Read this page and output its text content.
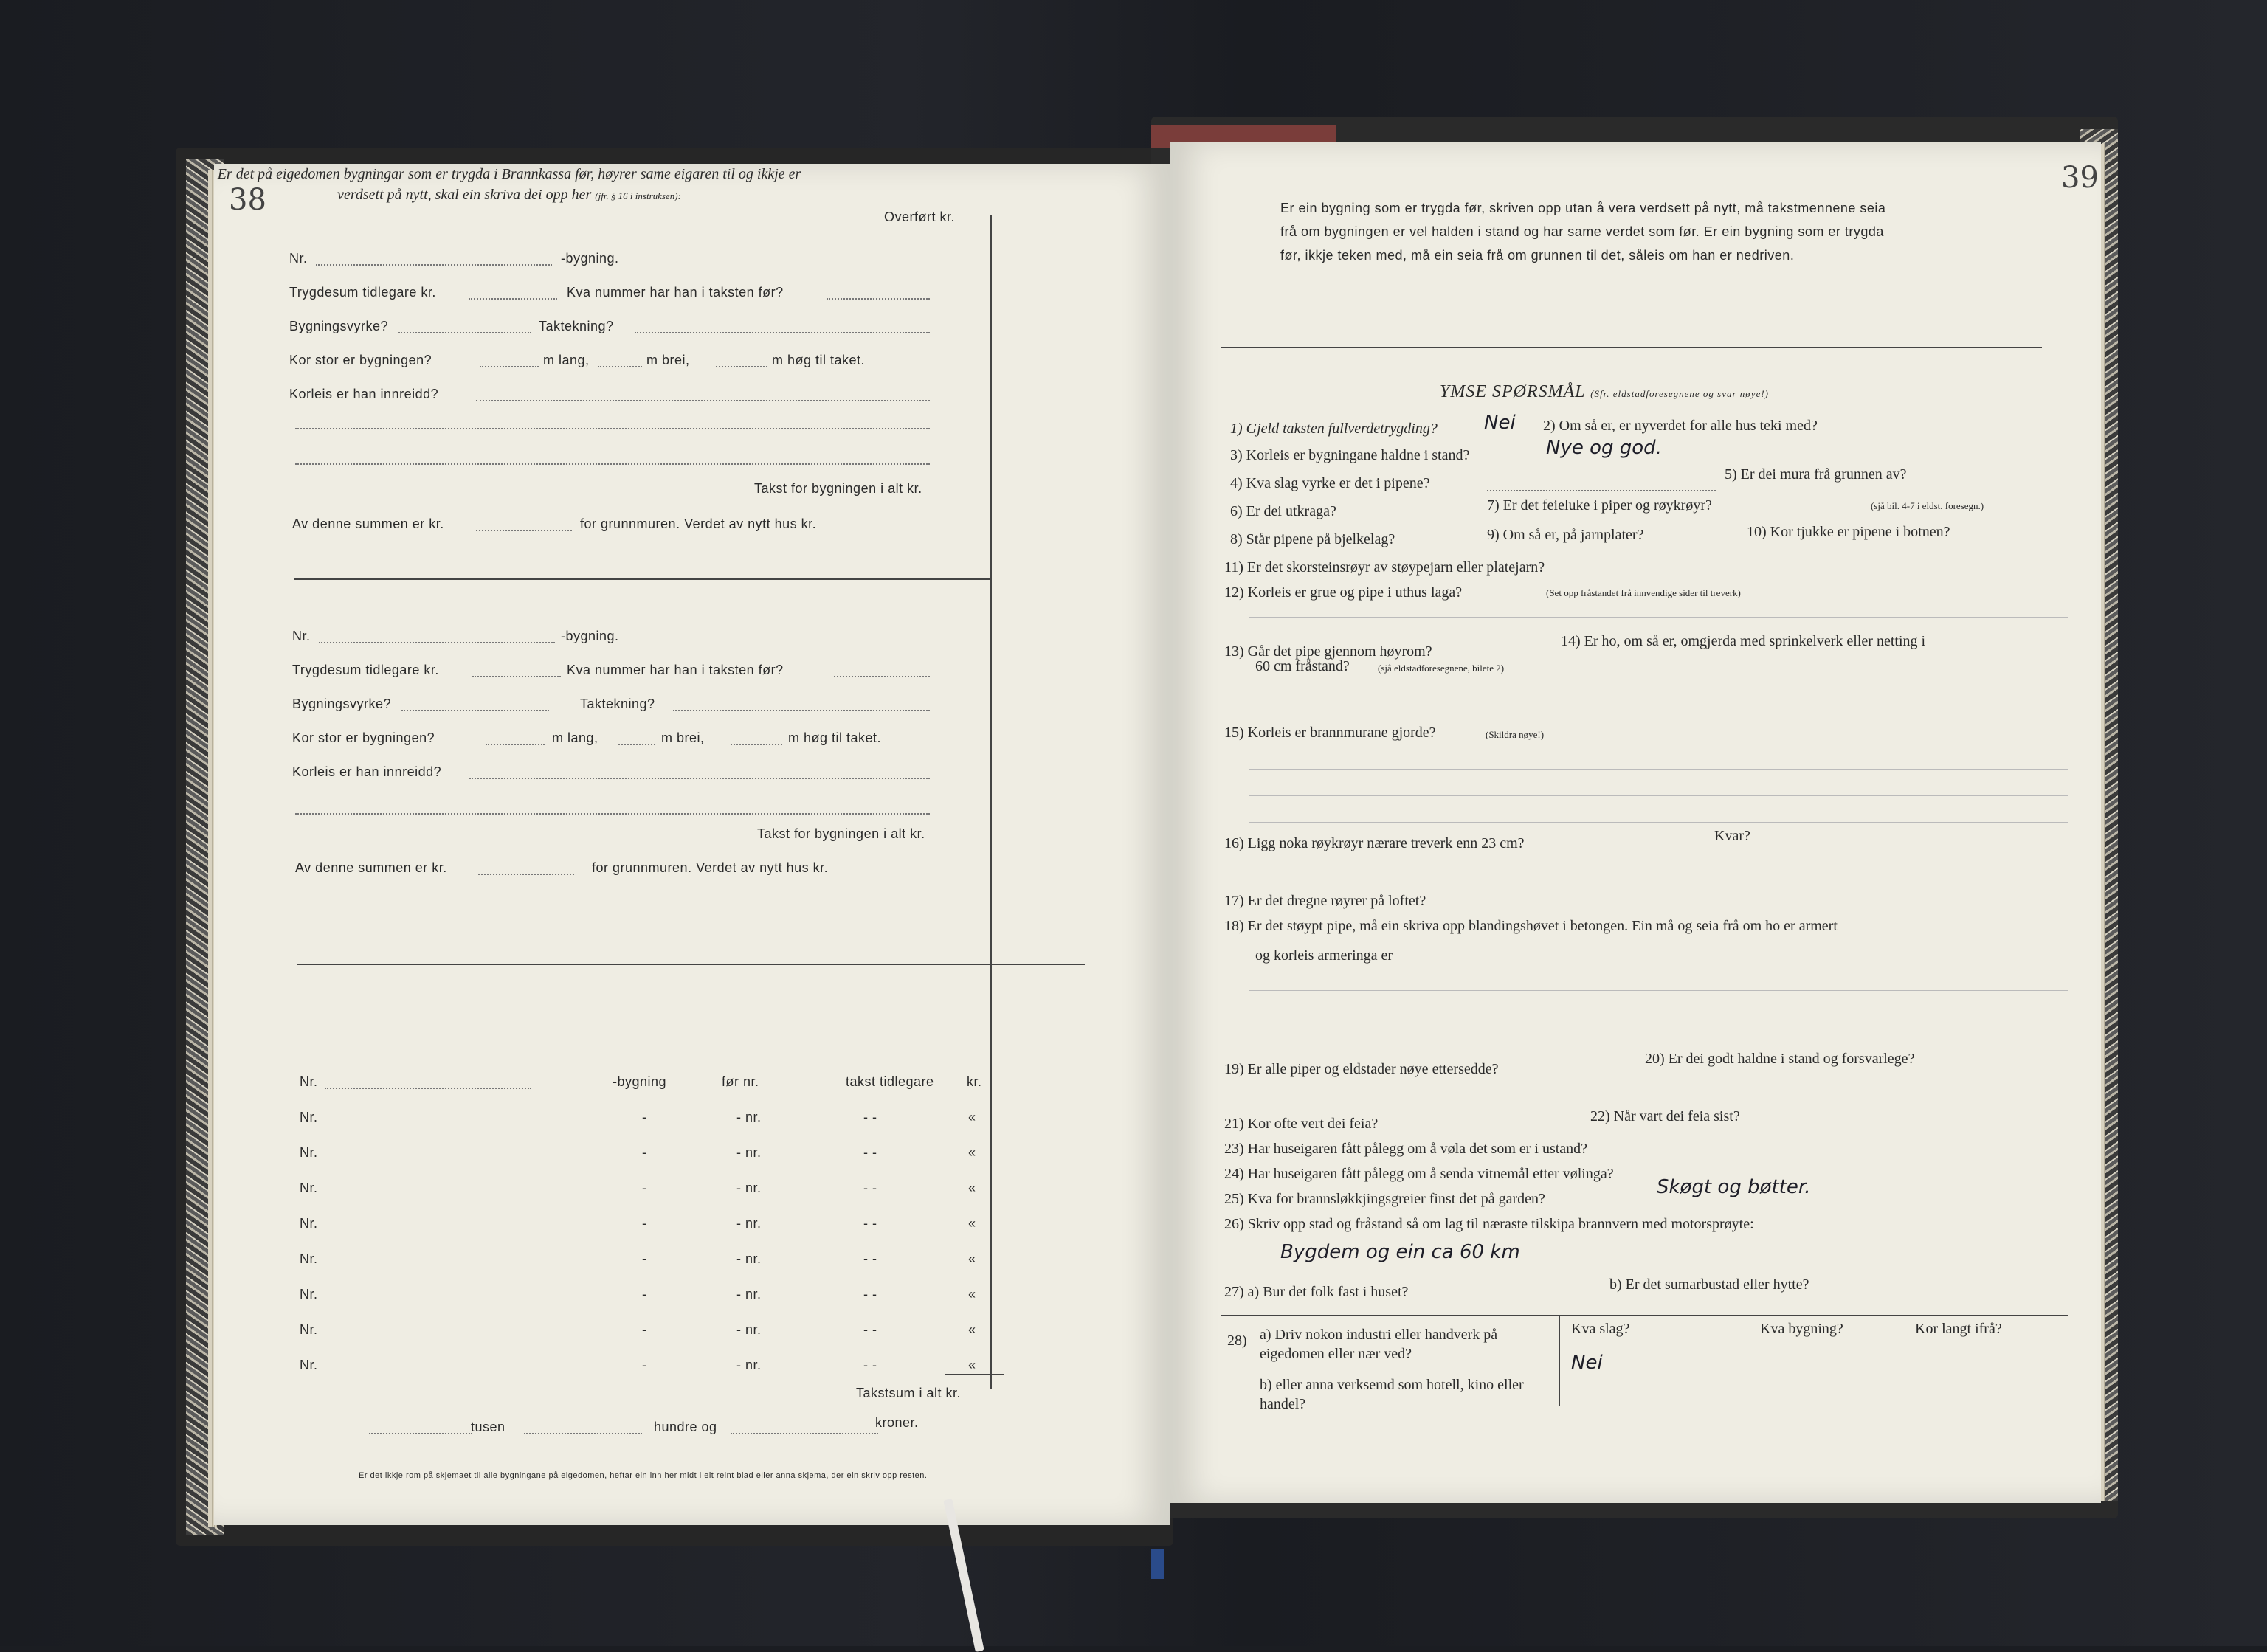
38	Overført kr.
Nr.	-bygning.
Trygdesum tidlegare kr.	Kva nummer har han i taksten før?
Bygningsvyrke?	Taktekning?
Kor stor er bygningen?	m lang,	m brei,	m høg til taket.
Korleis er han innreidd?
Takst for bygningen i alt kr.
Av denne summen er kr.	for grunnmuren. Verdet av nytt hus kr.
Nr.	-bygning.
Trygdesum tidlegare kr.	Kva nummer har han i taksten før?
Bygningsvyrke?	Taktekning?
Kor stor er bygningen?	m lang,	m brei,	m høg til taket.
Korleis er han innreidd?
Takst for bygningen i alt kr.
Av denne summen er kr.	for grunnmuren. Verdet av nytt hus kr.
Er det på eigedomen bygningar som er trygda i Brannkassa før, høyrer same eigaren til og ikkje er verdsett på nytt, skal ein skriva dei opp her (jfr. § 16 i instruksen):
Nr.	-bygning	før nr.	takst tidlegare kr.
Nr.	-	- nr.	- -	«
Nr.	-	- nr.	- -	«
Nr.	-	- nr.	- -	«
Nr.	-	- nr.	- -	«
Nr.	-	- nr.	- -	«
Nr.	-	- nr.	- -	«
Nr.	-	- nr.	- -	«
Nr.	-	- nr.	- -	«
Takstsum i alt kr.
tusen	hundre og	kroner.
Er det ikkje rom på skjemaet til alle bygningane på eigedomen, heftar ein inn her midt i eit reint blad eller anna skjema, der ein skriv opp resten.
39
Er ein bygning som er trygda før, skriven opp utan å vera verdsett på nytt, må takstmennene seia
frå om bygningen er vel halden i stand og har same verdet som før. Er ein bygning som er trygda
før, ikkje teken med, må ein seia frå om grunnen til det, såleis om han er nedriven.
YMSE SPØRSMÅL (Sfr. eldstadforesegnene og svar nøye!)
1) Gjeld taksten fullverdetrygding? Nei 2) Om så er, er nyverdet for alle hus teki med?
3) Korleis er bygningane haldne i stand?	Nye og god.
4) Kva slag vyrke er det i pipene?
5) Er dei mura frå grunnen av?
6) Er dei utkraga?	7) Er det feieluke i piper og røykrøyr?	(sjå bil. 4-7 i eldst. foresegn.)
8) Står pipene på bjelkelag?	9) Om så er, på jarnplater?	10) Kor tjukke er pipene i botnen?
11) Er det skorsteinsrøyr av støypejarn eller platejarn?
12) Korleis er grue og pipe i uthus laga?	(Set opp fråstandet frå innvendige sider til treverk)
13) Går det pipe gjennom høyrom?
14) Er ho, om så er, omgjerda med sprinkelverk eller netting i
60 cm fråstand?	(sjå eldstadforesegnene, bilete 2)
15) Korleis er brannmurane gjorde?	(Skildra nøye!)
16) Ligg noka røykrøyr nærare treverk enn 23 cm?	Kvar?
17) Er det dregne røyrer på loftet?
18) Er det støypt pipe, må ein skriva opp blandingshøvet i betongen. Ein må og seia frå om ho er armert
og korleis armeringa er
19) Er alle piper og eldstader nøye ettersedde?
20) Er dei godt haldne i stand og forsvarlege?
21) Kor ofte vert dei feia?	22) Når vart dei feia sist?
23) Har huseigaren fått pålegg om å vøla det som er i ustand?
24) Har huseigaren fått pålegg om å senda vitnemål etter vølinga?
25) Kva for brannsløkkjingsgreier finst det på garden?
Skøgt og bøtter.
26) Skriv opp stad og fråstand så om lag til næraste tilskipa brannvern med motorsprøyte:
Bygdem og ein ca 60 km
27) a) Bur det folk fast i huset?	b) Er det sumarbustad eller hytte?
28) a) Driv nokon industri eller handverk på eigedomen eller nær ved?
b) eller anna verksemd som hotell, kino eller handel?
Kva slag?	Kva bygning?	Kor langt ifrå?
Nei
